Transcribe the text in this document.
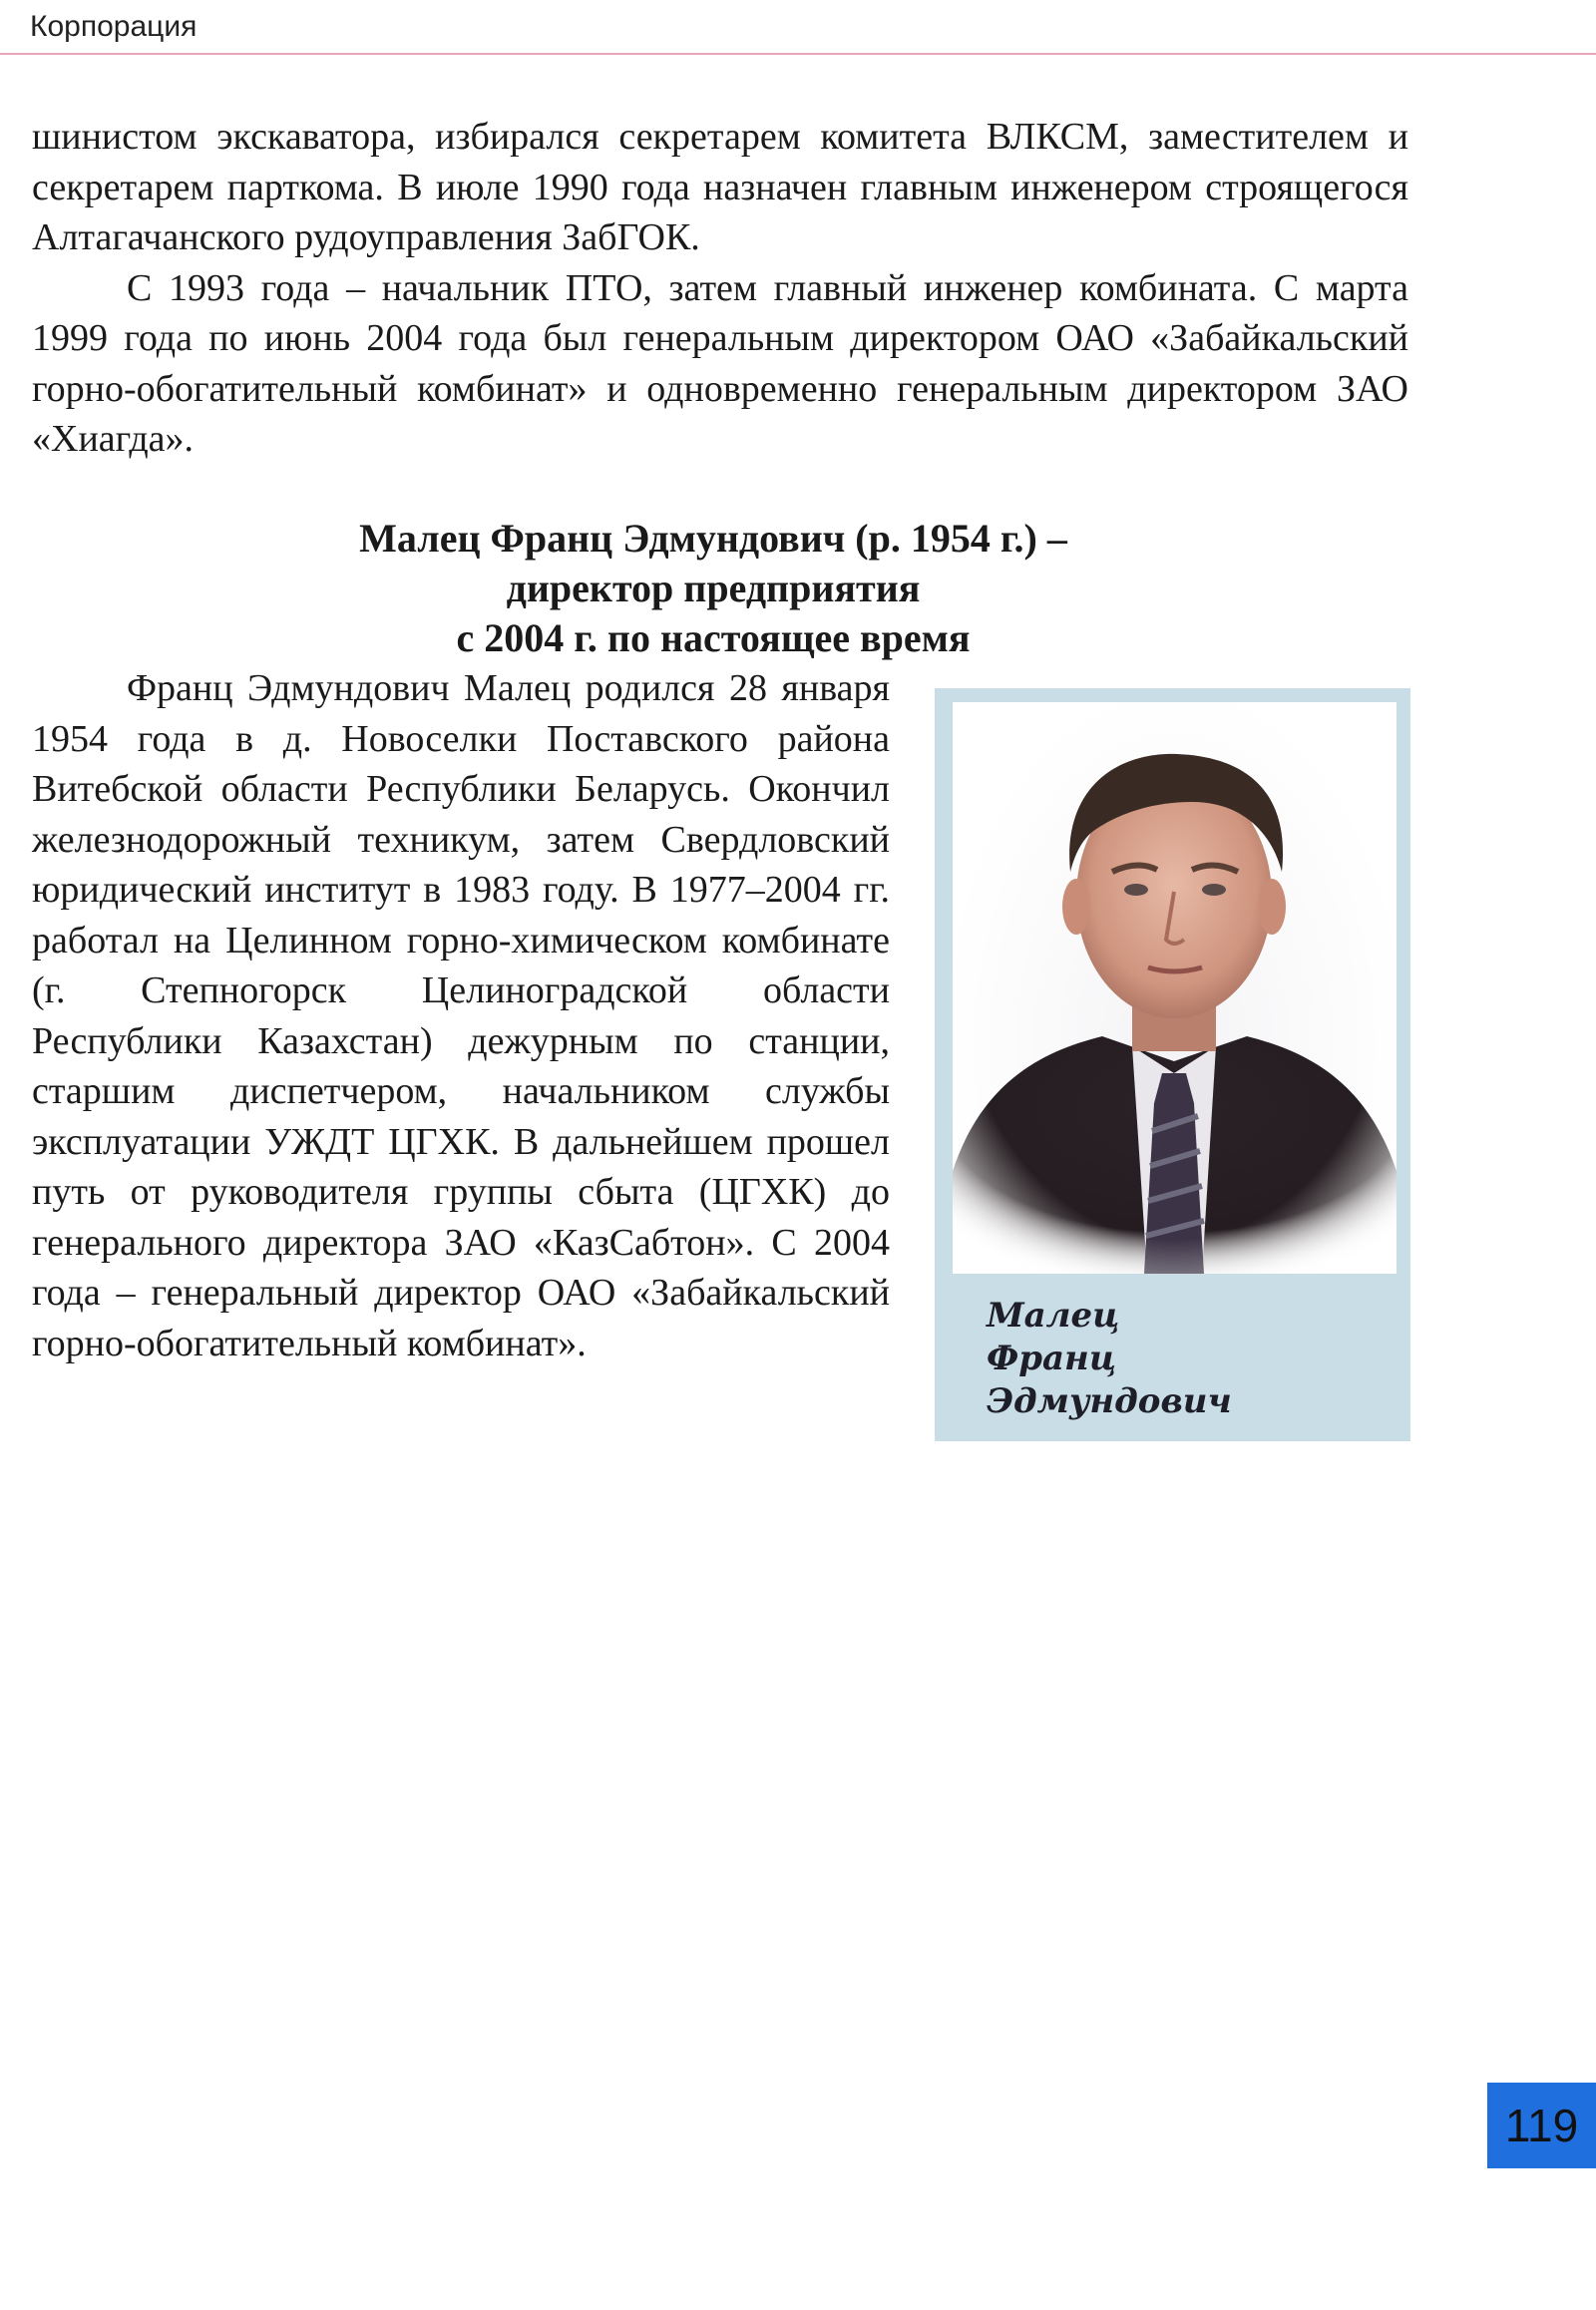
Корпорация

шинистом экскаватора, избирался секретарем комитета ВЛКСМ, заместителем и секретарем парткома. В июле 1990 года назначен главным инженером строящегося Алтагачанского рудоуправления ЗабГОК.

С 1993 года – начальник ПТО, затем главный инженер комбината. С марта 1999 года по июнь 2004 года был генеральным директором ОАО «Забайкальский горно-обогатительный комбинат» и одновременно генеральным директором ЗАО «Хиагда».

Малец Франц Эдмундович (р. 1954 г.) –
директор предприятия
с 2004 г. по настоящее время

Франц Эдмундович Малец родился 28 января 1954 года в д. Новоселки Поставского района Витебской области Республики Беларусь. Окончил железнодорожный техникум, затем Свердловский юридический институт в 1983 году. В 1977–2004 гг. работал на Целинном горно-химическом комбинате (г. Степногорск Целиноградской области Республики Казахстан) дежурным по станции, старшим диспетчером, начальником службы эксплуатации УЖДТ ЦГХК. В дальнейшем прошел путь от руководителя группы сбыта (ЦГХК) до генерального директора ЗАО «КазСабтон». С 2004 года – генеральный директор ОАО «Забайкальский горно-обогатительный комбинат».

Малец
Франц
Эдмундович
119
